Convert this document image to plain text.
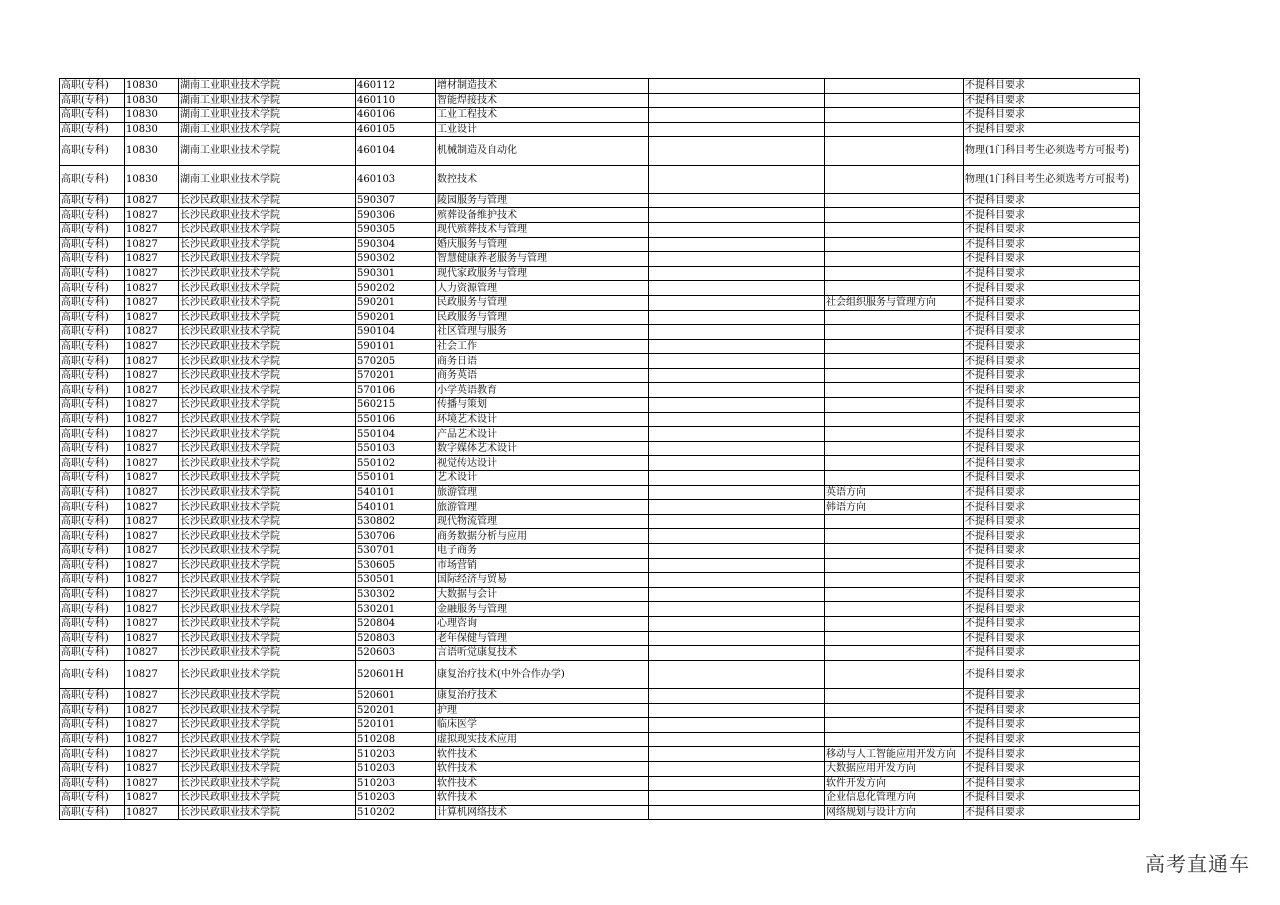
高职(专科)	10830	湖南工业职业技术学院	460112	增材制造技术			不提科目要求
高职(专科)	10830	湖南工业职业技术学院	460110	智能焊接技术			不提科目要求
高职(专科)	10830	湖南工业职业技术学院	460106	工业工程技术			不提科目要求
高职(专科)	10830	湖南工业职业技术学院	460105	工业设计			不提科目要求
高职(专科)	10830	湖南工业职业技术学院	460104	机械制造及自动化			物理(1门科目考生必须选考方可报考)
高职(专科)	10830	湖南工业职业技术学院	460103	数控技术			物理(1门科目考生必须选考方可报考)
高职(专科)	10827	长沙民政职业技术学院	590307	陵园服务与管理			不提科目要求
高职(专科)	10827	长沙民政职业技术学院	590306	殡葬设备维护技术			不提科目要求
高职(专科)	10827	长沙民政职业技术学院	590305	现代殡葬技术与管理			不提科目要求
高职(专科)	10827	长沙民政职业技术学院	590304	婚庆服务与管理			不提科目要求
高职(专科)	10827	长沙民政职业技术学院	590302	智慧健康养老服务与管理			不提科目要求
高职(专科)	10827	长沙民政职业技术学院	590301	现代家政服务与管理			不提科目要求
高职(专科)	10827	长沙民政职业技术学院	590202	人力资源管理			不提科目要求
高职(专科)	10827	长沙民政职业技术学院	590201	民政服务与管理		社会组织服务与管理方向	不提科目要求
高职(专科)	10827	长沙民政职业技术学院	590201	民政服务与管理			不提科目要求
高职(专科)	10827	长沙民政职业技术学院	590104	社区管理与服务			不提科目要求
高职(专科)	10827	长沙民政职业技术学院	590101	社会工作			不提科目要求
高职(专科)	10827	长沙民政职业技术学院	570205	商务日语			不提科目要求
高职(专科)	10827	长沙民政职业技术学院	570201	商务英语			不提科目要求
高职(专科)	10827	长沙民政职业技术学院	570106	小学英语教育			不提科目要求
高职(专科)	10827	长沙民政职业技术学院	560215	传播与策划			不提科目要求
高职(专科)	10827	长沙民政职业技术学院	550106	环境艺术设计			不提科目要求
高职(专科)	10827	长沙民政职业技术学院	550104	产品艺术设计			不提科目要求
高职(专科)	10827	长沙民政职业技术学院	550103	数字媒体艺术设计			不提科目要求
高职(专科)	10827	长沙民政职业技术学院	550102	视觉传达设计			不提科目要求
高职(专科)	10827	长沙民政职业技术学院	550101	艺术设计			不提科目要求
高职(专科)	10827	长沙民政职业技术学院	540101	旅游管理		英语方向	不提科目要求
高职(专科)	10827	长沙民政职业技术学院	540101	旅游管理		韩语方向	不提科目要求
高职(专科)	10827	长沙民政职业技术学院	530802	现代物流管理			不提科目要求
高职(专科)	10827	长沙民政职业技术学院	530706	商务数据分析与应用			不提科目要求
高职(专科)	10827	长沙民政职业技术学院	530701	电子商务			不提科目要求
高职(专科)	10827	长沙民政职业技术学院	530605	市场营销			不提科目要求
高职(专科)	10827	长沙民政职业技术学院	530501	国际经济与贸易			不提科目要求
高职(专科)	10827	长沙民政职业技术学院	530302	大数据与会计			不提科目要求
高职(专科)	10827	长沙民政职业技术学院	530201	金融服务与管理			不提科目要求
高职(专科)	10827	长沙民政职业技术学院	520804	心理咨询			不提科目要求
高职(专科)	10827	长沙民政职业技术学院	520803	老年保健与管理			不提科目要求
高职(专科)	10827	长沙民政职业技术学院	520603	言语听觉康复技术			不提科目要求
高职(专科)	10827	长沙民政职业技术学院	520601H	康复治疗技术(中外合作办学)			不提科目要求
高职(专科)	10827	长沙民政职业技术学院	520601	康复治疗技术			不提科目要求
高职(专科)	10827	长沙民政职业技术学院	520201	护理			不提科目要求
高职(专科)	10827	长沙民政职业技术学院	520101	临床医学			不提科目要求
高职(专科)	10827	长沙民政职业技术学院	510208	虚拟现实技术应用			不提科目要求
高职(专科)	10827	长沙民政职业技术学院	510203	软件技术		移动与人工智能应用开发方向	不提科目要求
高职(专科)	10827	长沙民政职业技术学院	510203	软件技术		大数据应用开发方向	不提科目要求
高职(专科)	10827	长沙民政职业技术学院	510203	软件技术		软件开发方向	不提科目要求
高职(专科)	10827	长沙民政职业技术学院	510203	软件技术		企业信息化管理方向	不提科目要求
高职(专科)	10827	长沙民政职业技术学院	510202	计算机网络技术		网络规划与设计方向	不提科目要求
高考直通车
